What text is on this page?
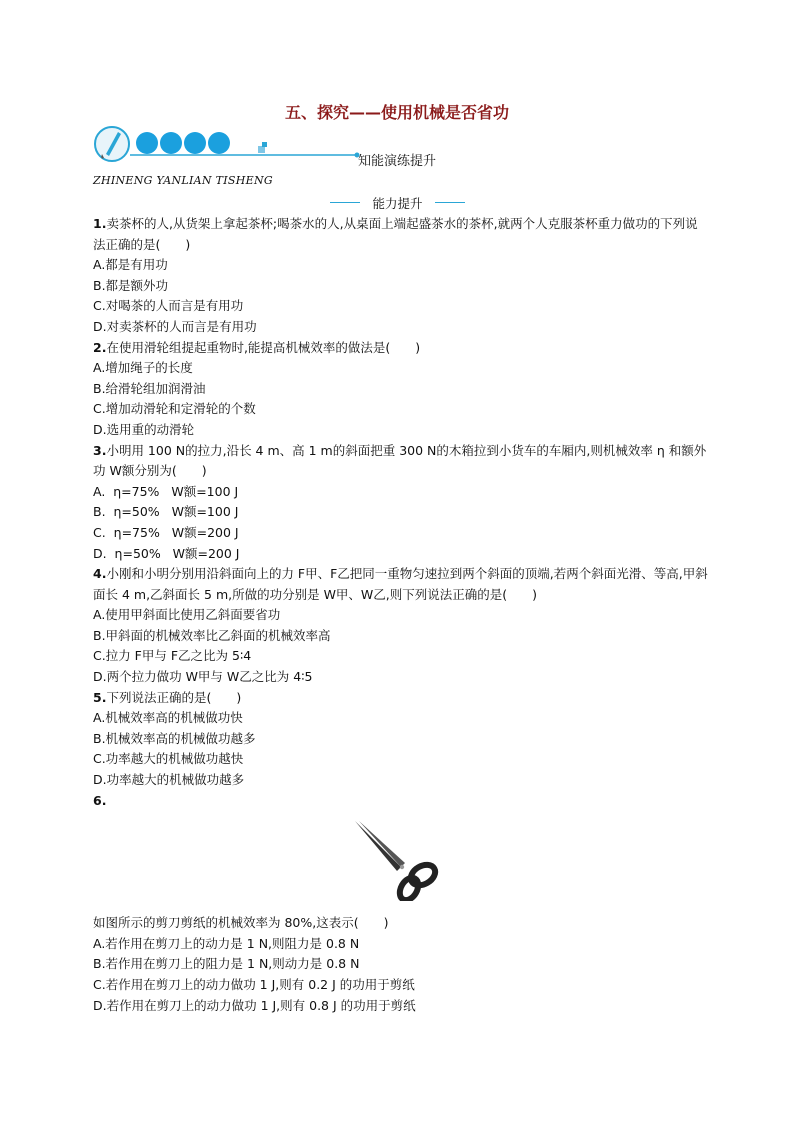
五、探究——使用机械是否省功
知能演练提升
ZHINENG YANLIAN TISHENG
能力提升

1.卖茶杯的人,从货架上拿起茶杯;喝茶水的人,从桌面上端起盛茶水的茶杯,就两个人克服茶杯重力做功的下列说法正确的是(　　)

A.都是有用功

B.都是额外功

C.对喝茶的人而言是有用功

D.对卖茶杯的人而言是有用功

2.在使用滑轮组提起重物时,能提高机械效率的做法是(　　)

A.增加绳子的长度

B.给滑轮组加润滑油

C.增加动滑轮和定滑轮的个数

D.选用重的动滑轮

3.小明用 100 N的拉力,沿长 4 m、高 1 m的斜面把重 300 N的木箱拉到小货车的车厢内,则机械效率 η 和额外功 W额分别为(　　)

A.  η=75%   W额=100 J

B.  η=50%   W额=100 J

C.  η=75%   W额=200 J

D.  η=50%   W额=200 J

4.小刚和小明分别用沿斜面向上的力 F甲、F乙把同一重物匀速拉到两个斜面的顶端,若两个斜面光滑、等高,甲斜面长 4 m,乙斜面长 5 m,所做的功分别是 W甲、W乙,则下列说法正确的是(　　)

A.使用甲斜面比使用乙斜面要省功

B.甲斜面的机械效率比乙斜面的机械效率高

C.拉力 F甲与 F乙之比为 5∶4

D.两个拉力做功 W甲与 W乙之比为 4∶5

5.下列说法正确的是(　　)

A.机械效率高的机械做功快

B.机械效率高的机械做功越多

C.功率越大的机械做功越快

D.功率越大的机械做功越多

6.

如图所示的剪刀剪纸的机械效率为 80%,这表示(　　)

A.若作用在剪刀上的动力是 1 N,则阻力是 0.8 N

B.若作用在剪刀上的阻力是 1 N,则动力是 0.8 N

C.若作用在剪刀上的动力做功 1 J,则有 0.2 J 的功用于剪纸

D.若作用在剪刀上的动力做功 1 J,则有 0.8 J 的功用于剪纸
